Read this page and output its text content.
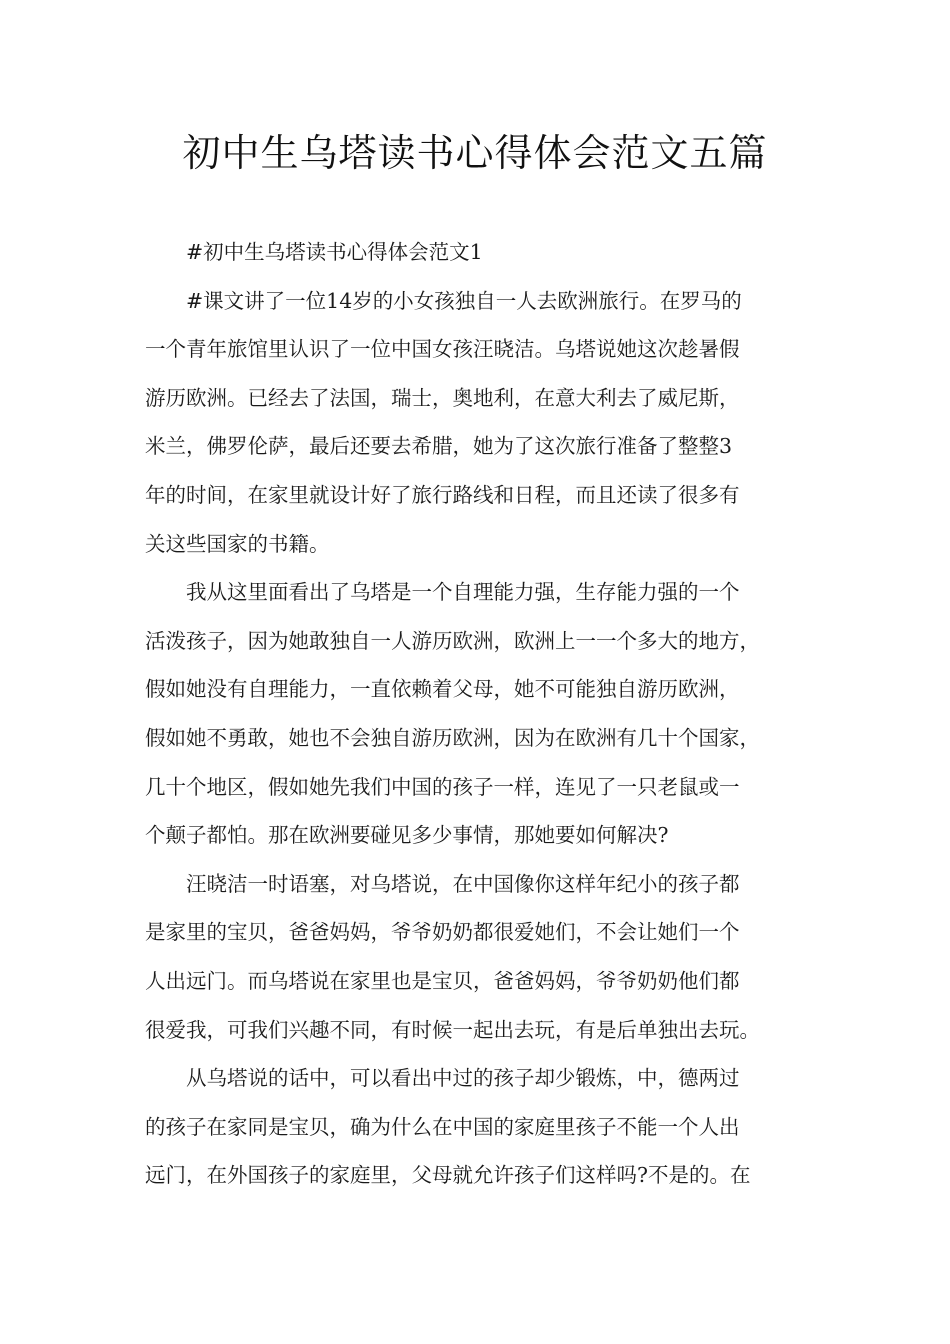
初中生乌塔读书心得体会范文五篇

#初中生乌塔读书心得体会范文1

#课文讲了一位14岁的小女孩独自一人去欧洲旅行。在罗马的
一个青年旅馆里认识了一位中国女孩汪晓洁。乌塔说她这次趁暑假
游历欧洲。已经去了法国，瑞士，奥地利，在意大利去了威尼斯，
米兰，佛罗伦萨，最后还要去希腊，她为了这次旅行准备了整整3
年的时间，在家里就设计好了旅行路线和日程，而且还读了很多有
关这些国家的书籍。

我从这里面看出了乌塔是一个自理能力强，生存能力强的一个
活泼孩子，因为她敢独自一人游历欧洲，欧洲上一一个多大的地方，
假如她没有自理能力，一直依赖着父母，她不可能独自游历欧洲，
假如她不勇敢，她也不会独自游历欧洲，因为在欧洲有几十个国家，
几十个地区，假如她先我们中国的孩子一样，连见了一只老鼠或一
个颠子都怕。那在欧洲要碰见多少事情，那她要如何解决?

汪晓洁一时语塞，对乌塔说，在中国像你这样年纪小的孩子都
是家里的宝贝，爸爸妈妈，爷爷奶奶都很爱她们，不会让她们一个
人出远门。而乌塔说在家里也是宝贝，爸爸妈妈，爷爷奶奶他们都
很爱我，可我们兴趣不同，有时候一起出去玩，有是后单独出去玩。

从乌塔说的话中，可以看出中过的孩子却少锻炼，中，德两过
的孩子在家同是宝贝，确为什么在中国的家庭里孩子不能一个人出
远门，在外国孩子的家庭里，父母就允许孩子们这样吗?不是的。在
